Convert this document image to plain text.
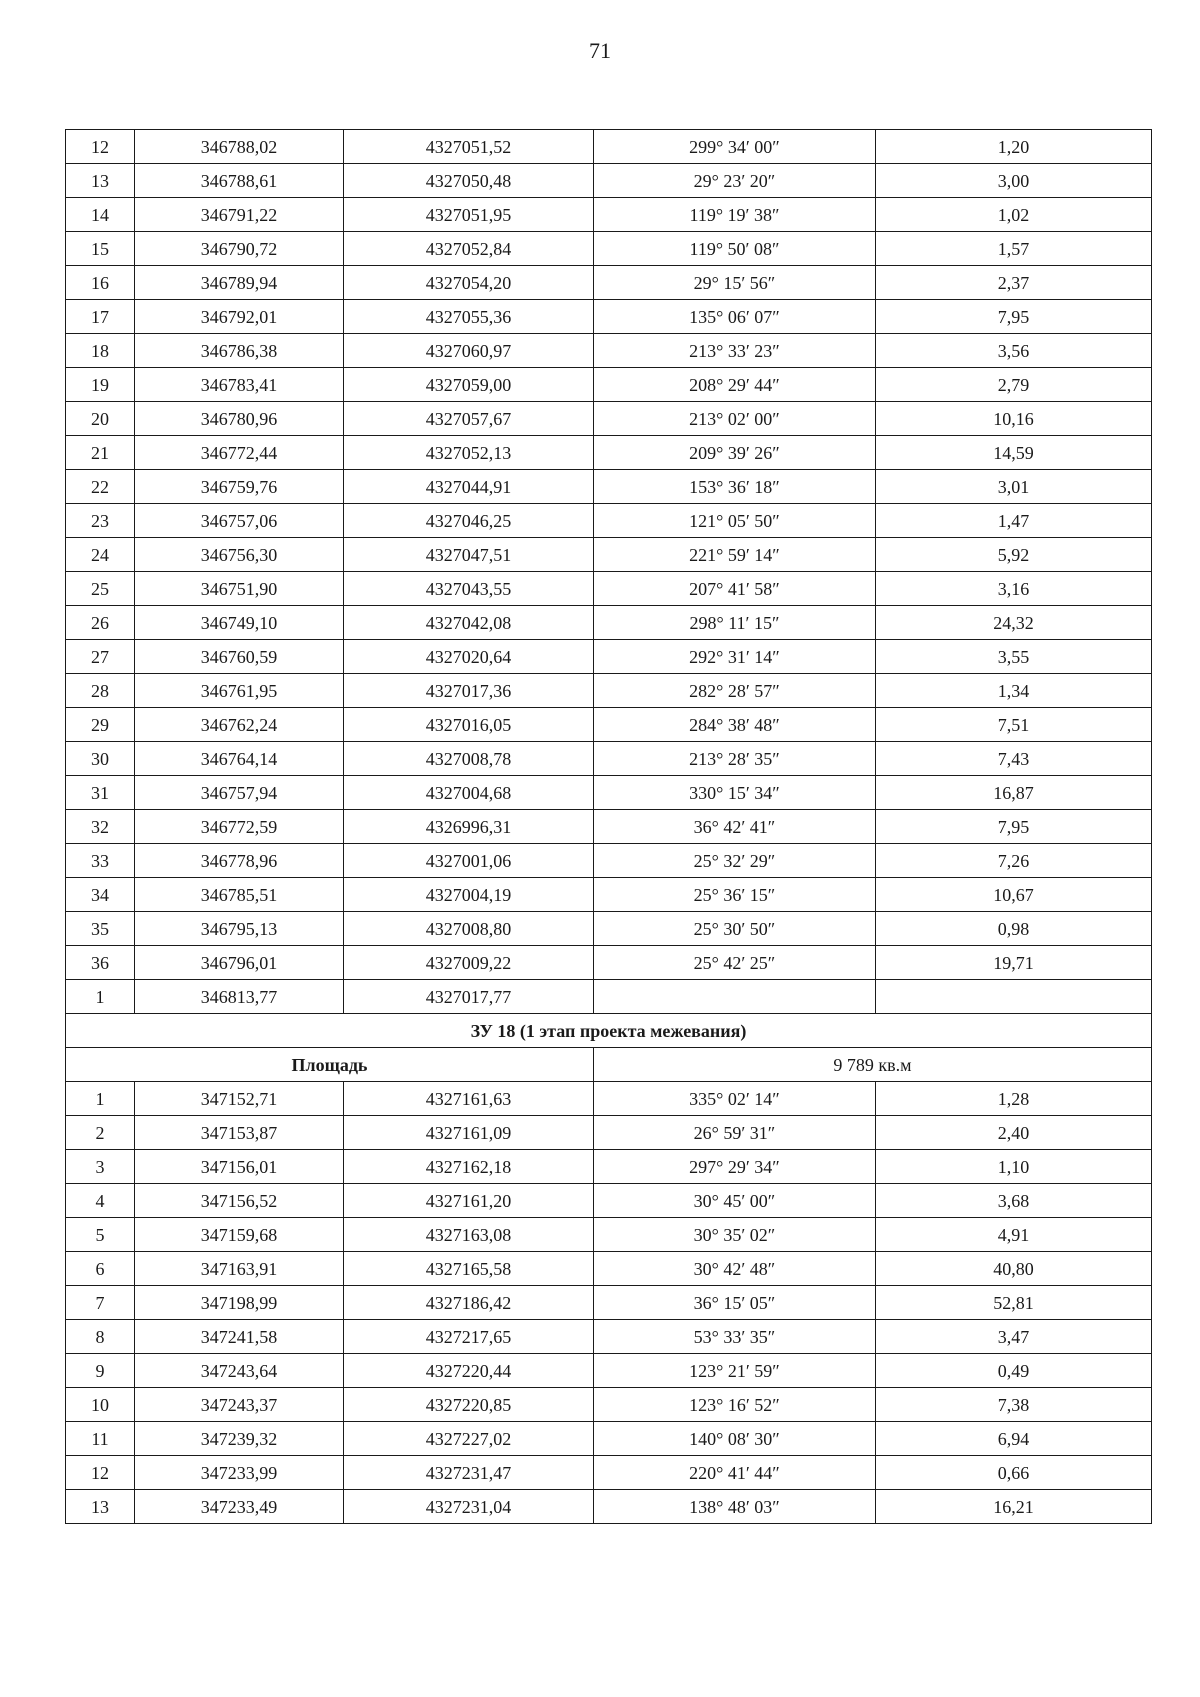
71
12	346788,02	4327051,52	299° 34′ 00″	1,20
13	346788,61	4327050,48	29° 23′ 20″	3,00
14	346791,22	4327051,95	119° 19′ 38″	1,02
15	346790,72	4327052,84	119° 50′ 08″	1,57
16	346789,94	4327054,20	29° 15′ 56″	2,37
17	346792,01	4327055,36	135° 06′ 07″	7,95
18	346786,38	4327060,97	213° 33′ 23″	3,56
19	346783,41	4327059,00	208° 29′ 44″	2,79
20	346780,96	4327057,67	213° 02′ 00″	10,16
21	346772,44	4327052,13	209° 39′ 26″	14,59
22	346759,76	4327044,91	153° 36′ 18″	3,01
23	346757,06	4327046,25	121° 05′ 50″	1,47
24	346756,30	4327047,51	221° 59′ 14″	5,92
25	346751,90	4327043,55	207° 41′ 58″	3,16
26	346749,10	4327042,08	298° 11′ 15″	24,32
27	346760,59	4327020,64	292° 31′ 14″	3,55
28	346761,95	4327017,36	282° 28′ 57″	1,34
29	346762,24	4327016,05	284° 38′ 48″	7,51
30	346764,14	4327008,78	213° 28′ 35″	7,43
31	346757,94	4327004,68	330° 15′ 34″	16,87
32	346772,59	4326996,31	36° 42′ 41″	7,95
33	346778,96	4327001,06	25° 32′ 29″	7,26
34	346785,51	4327004,19	25° 36′ 15″	10,67
35	346795,13	4327008,80	25° 30′ 50″	0,98
36	346796,01	4327009,22	25° 42′ 25″	19,71
1	346813,77	4327017,77		
ЗУ 18 (1 этап проекта межевания)				
Площадь			9 789 кв.м	
1	347152,71	4327161,63	335° 02′ 14″	1,28
2	347153,87	4327161,09	26° 59′ 31″	2,40
3	347156,01	4327162,18	297° 29′ 34″	1,10
4	347156,52	4327161,20	30° 45′ 00″	3,68
5	347159,68	4327163,08	30° 35′ 02″	4,91
6	347163,91	4327165,58	30° 42′ 48″	40,80
7	347198,99	4327186,42	36° 15′ 05″	52,81
8	347241,58	4327217,65	53° 33′ 35″	3,47
9	347243,64	4327220,44	123° 21′ 59″	0,49
10	347243,37	4327220,85	123° 16′ 52″	7,38
11	347239,32	4327227,02	140° 08′ 30″	6,94
12	347233,99	4327231,47	220° 41′ 44″	0,66
13	347233,49	4327231,04	138° 48′ 03″	16,21
